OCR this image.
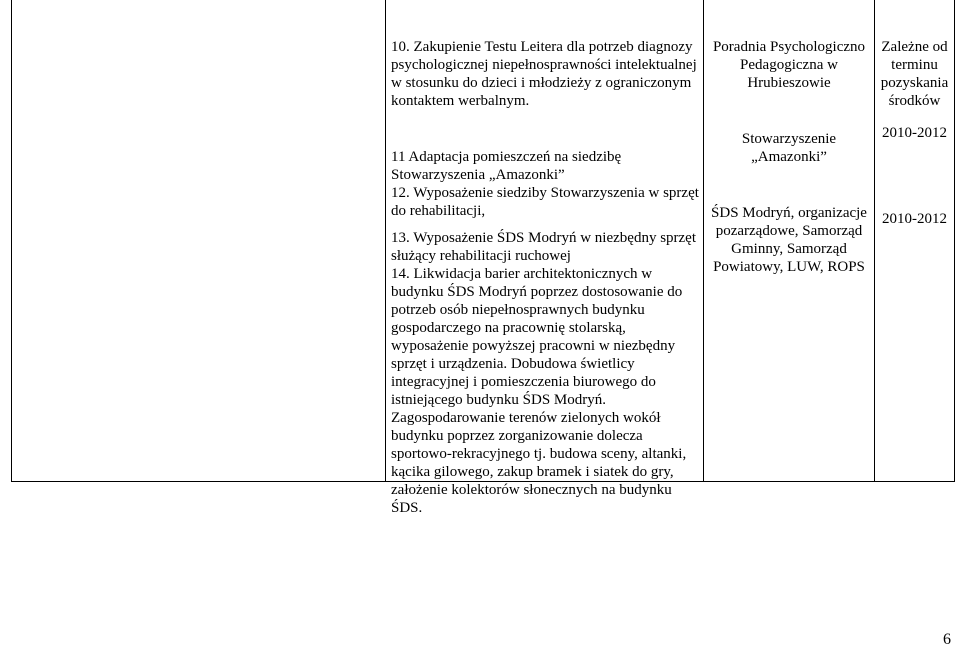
10. Zakupienie Testu Leitera dla potrzeb diagnozy psychologicznej niepełnosprawności intelektualnej w stosunku do dzieci i młodzieży z ograniczonym kontaktem werbalnym.

11 Adaptacja pomieszczeń na siedzibę Stowarzyszenia „Amazonki”

12. Wyposażenie siedziby Stowarzyszenia w sprzęt do rehabilitacji,

13. Wyposażenie ŚDS Modryń w niezbędny sprzęt służący rehabilitacji ruchowej

14. Likwidacja barier architektonicznych w budynku ŚDS Modryń poprzez dostosowanie do potrzeb osób niepełnosprawnych budynku gospodarczego na pracownię stolarską, wyposażenie powyższej pracowni w niezbędny sprzęt i urządzenia. Dobudowa świetlicy integracyjnej i pomieszczenia biurowego do istniejącego budynku ŚDS Modryń. Zagospodarowanie terenów zielonych wokół budynku poprzez zorganizowanie dolecza sportowo-rekracyjnego tj. budowa sceny, altanki, kącika gilowego, zakup bramek i siatek do gry, założenie kolektorów słonecznych na budynku ŚDS.

Poradnia Psychologiczno Pedagogiczna w Hrubieszowie

Stowarzyszenie „Amazonki”

ŚDS Modryń, organizacje pozarządowe, Samorząd Gminny, Samorząd Powiatowy, LUW, ROPS

Zależne od terminu pozyskania środków

2010-2012

2010-2012

6
